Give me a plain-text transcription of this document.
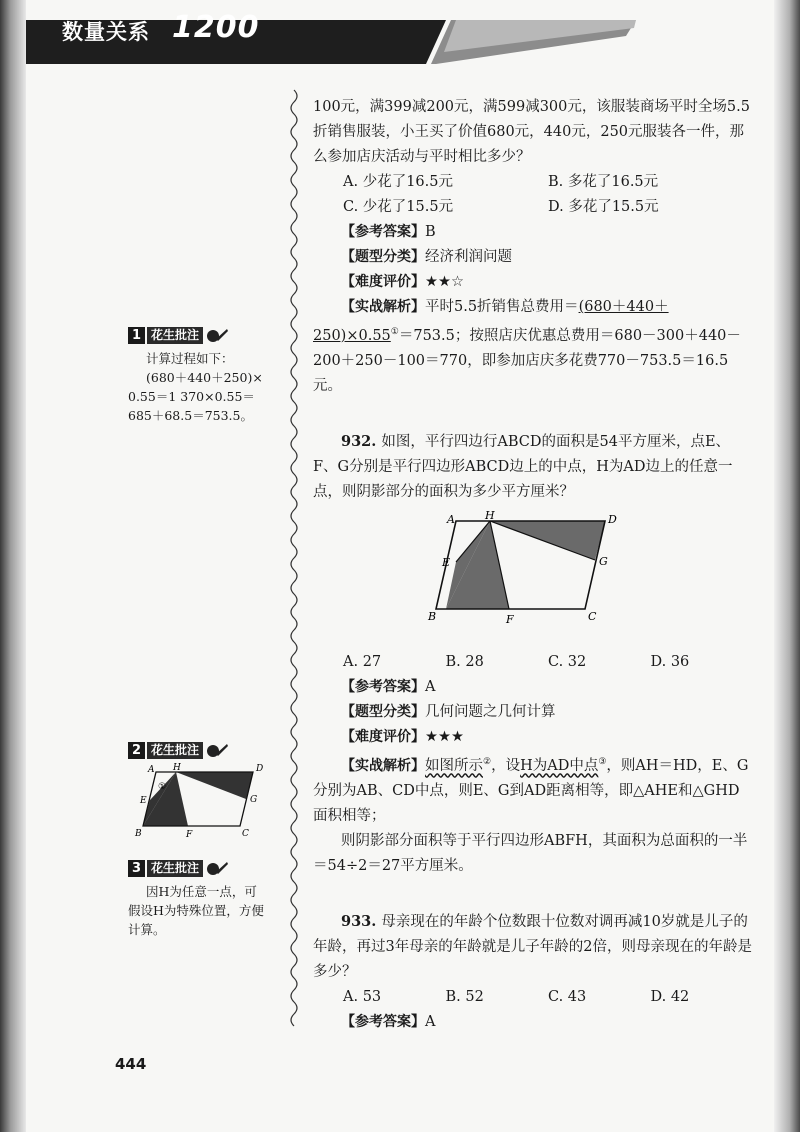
数量关系 1200

100元，满399减200元，满599减300元，该服装商场平时全场5.5折销售服装，小王买了价值680元，440元，250元服装各一件，那么参加店庆活动与平时相比多少？

A. 少花了16.5元	B. 多花了16.5元
C. 少花了15.5元	D. 多花了15.5元

【参考答案】B

【题型分类】经济利润问题

【难度评价】★★☆

【实战解析】平时5.5折销售总费用＝(680＋440＋250)×0.55①＝753.5；按照店庆优惠总费用＝680－300＋440－200＋250－100＝770，即参加店庆多花费770－753.5＝16.5元。

932. 如图，平行四边行ABCD的面积是54平方厘米，点E、F、G分别是平行四边形ABCD边上的中点，H为AD边上的任意一点，则阴影部分的面积为多少平方厘米？

A	H	D
E	G
B	F	C
A. 27	B. 28	C. 32	D. 36

【参考答案】A

【题型分类】几何问题之几何计算

【难度评价】★★★

【实战解析】如图所示②，设H为AD中点③，则AH＝HD，E、G分别为AB、CD中点，则E、G到AD距离相等，即△AHE和△GHD面积相等；

则阴影部分面积等于平行四边形ABFH，其面积为总面积的一半＝54÷2＝27平方厘米。

933. 母亲现在的年龄个位数跟十位数对调再减10岁就是儿子的年龄，再过3年母亲的年龄就是儿子年龄的2倍，则母亲现在的年龄是多少？

A. 53	B. 52	C. 43	D. 42

【参考答案】A

1 花生批注

计算过程如下：

(680＋440＋250)×

0.55＝1 370×0.55＝

685＋68.5＝753.5。

2 花生批注
①
A H	D
E	G
B	F	C
3 花生批注

因H为任意一点，可

假设H为特殊位置，方便

计算。

444
